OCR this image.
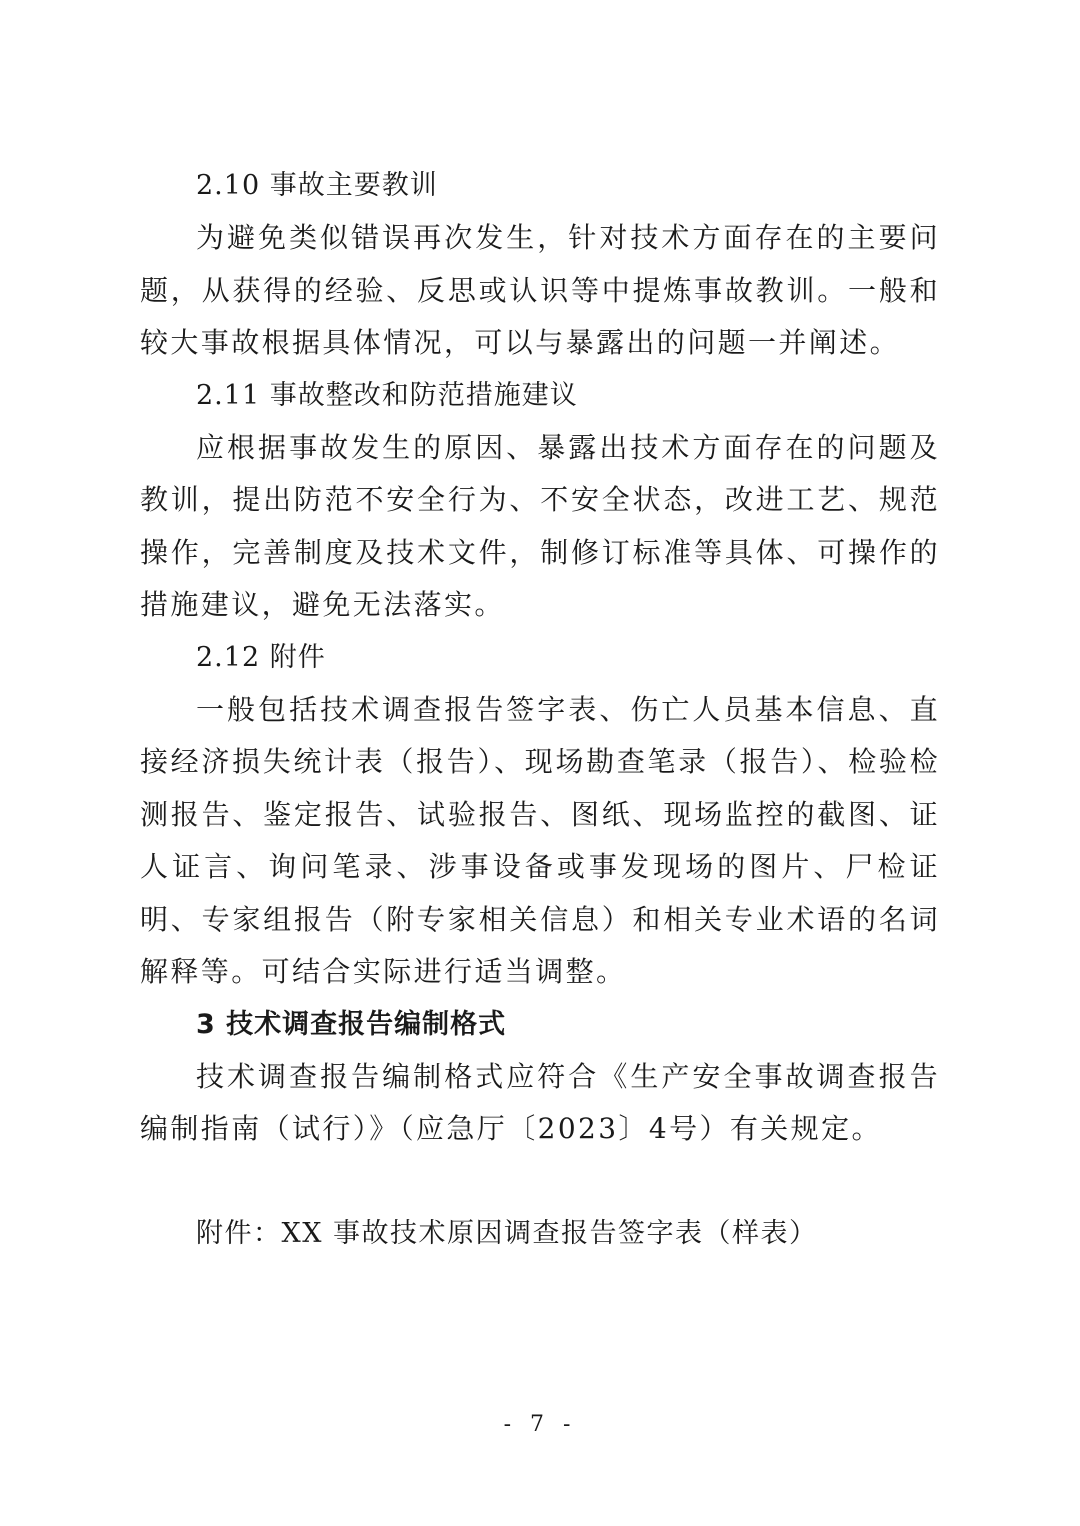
2.10 事故主要教训

为避免类似错误再次发生，针对技术方面存在的主要问题，从获得的经验、反思或认识等中提炼事故教训。一般和较大事故根据具体情况，可以与暴露出的问题一并阐述。

2.11 事故整改和防范措施建议

应根据事故发生的原因、暴露出技术方面存在的问题及教训，提出防范不安全行为、不安全状态，改进工艺、规范操作，完善制度及技术文件，制修订标准等具体、可操作的措施建议，避免无法落实。

2.12 附件

一般包括技术调查报告签字表、伤亡人员基本信息、直接经济损失统计表（报告）、现场勘查笔录（报告）、检验检测报告、鉴定报告、试验报告、图纸、现场监控的截图、证人证言、询问笔录、涉事设备或事发现场的图片、尸检证明、专家组报告（附专家相关信息）和相关专业术语的名词解释等。可结合实际进行适当调整。

3 技术调查报告编制格式

技术调查报告编制格式应符合《生产安全事故调查报告编制指南（试行）》（应急厅〔2023〕4号）有关规定。

附件：XX 事故技术原因调查报告签字表（样表）
- 7 -
